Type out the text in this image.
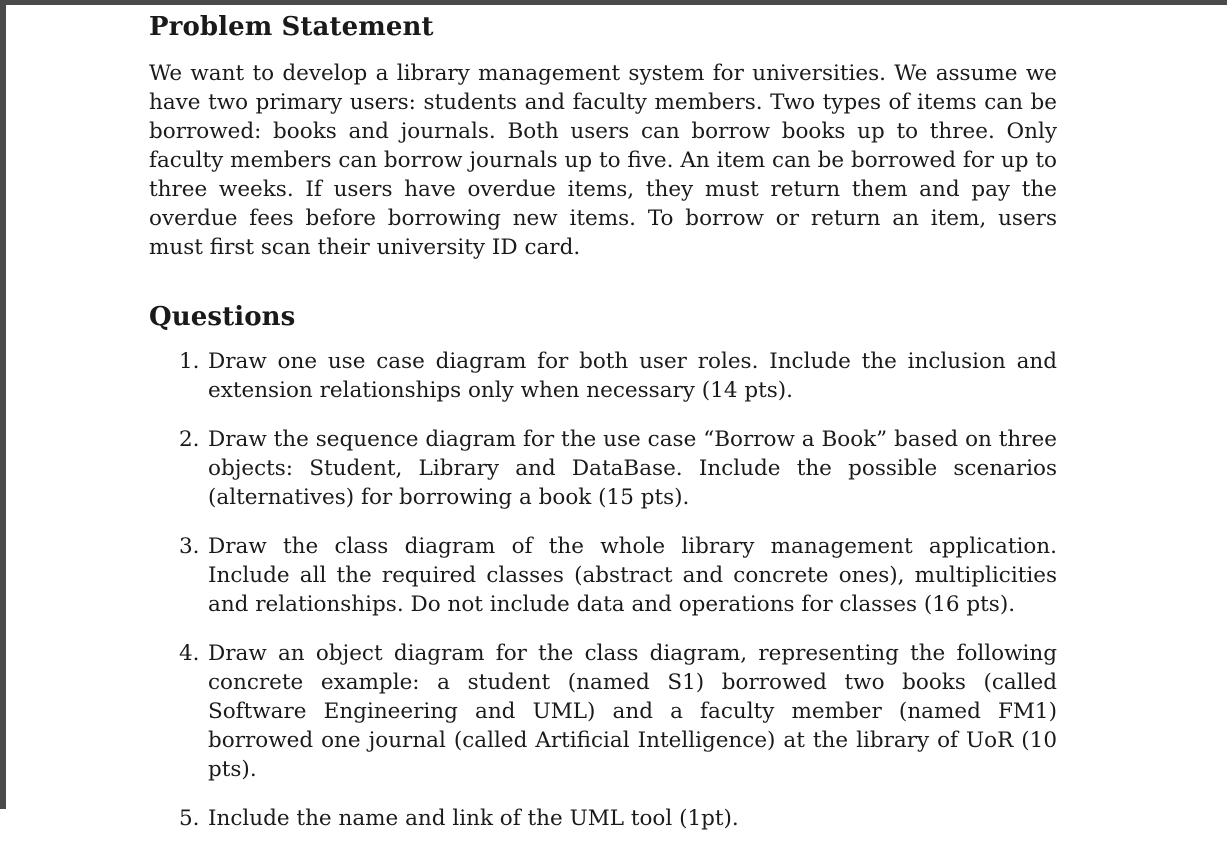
Problem Statement

We want to develop a library management system for universities. We assume we have two primary users: students and faculty members. Two types of items can be borrowed: books and journals. Both users can borrow books up to three. Only faculty members can borrow journals up to five. An item can be borrowed for up to three weeks. If users have overdue items, they must return them and pay the overdue fees before borrowing new items. To borrow or return an item, users must first scan their university ID card.

Questions
1. Draw one use case diagram for both user roles. Include the inclusion and extension relationships only when necessary (14 pts).
2. Draw the sequence diagram for the use case “Borrow a Book” based on three objects: Student, Library and DataBase. Include the possible scenarios (alternatives) for borrowing a book (15 pts).
3. Draw the class diagram of the whole library management application. Include all the required classes (abstract and concrete ones), multiplicities and relationships. Do not include data and operations for classes (16 pts).
4. Draw an object diagram for the class diagram, representing the following concrete example: a student (named S1) borrowed two books (called Software Engineering and UML) and a faculty member (named FM1) borrowed one journal (called Artificial Intelligence) at the library of UoR (10 pts).
5. Include the name and link of the UML tool (1pt).
